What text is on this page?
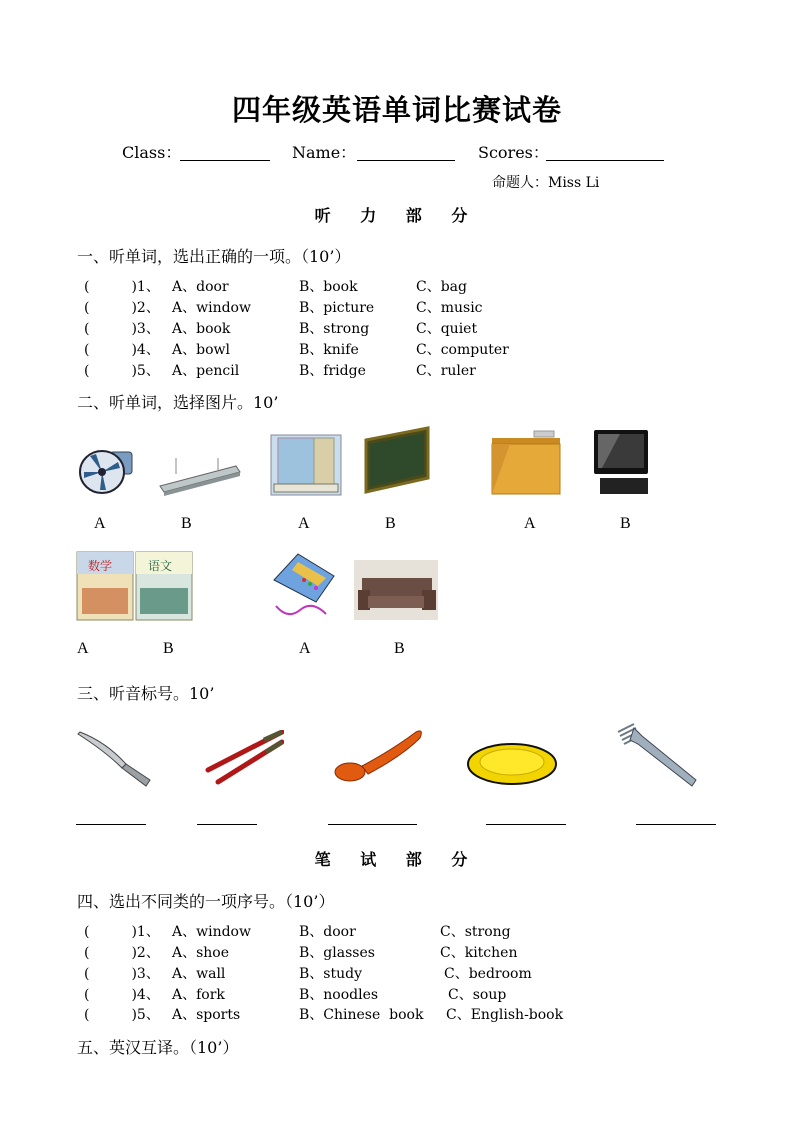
四年级英语单词比赛试卷
Class：	Name：	Scores：
命题人：Miss Li
听 力 部 分
一、听单词，选出正确的一项。（10’）
(　　　)1、 A、door	B、book	C、bag
(　　　)2、 A、window	B、picture	C、music
(　　　)3、 A、book	B、strong	C、quiet
(　　　)4、 A、bowl	B、knife	C、computer
(　　　)5、 A、pencil	B、fridge	C、ruler
二、听单词，选择图片。10’
A	B	A	B	A	B
数学	语文
A	B	A	B
三、听音标号。10’
笔 试 部 分
四、选出不同类的一项序号。（10’）
(　　　)1、 A、window	B、door	C、strong
(　　　)2、 A、shoe	B、glasses	C、kitchen
(　　　)3、 A、wall	B、study	C、bedroom
(　　　)4、 A、fork	B、noodles	C、soup
(　　　)5、 A、sports	B、Chinese  book C、English-book
五、英汉互译。（10’）
